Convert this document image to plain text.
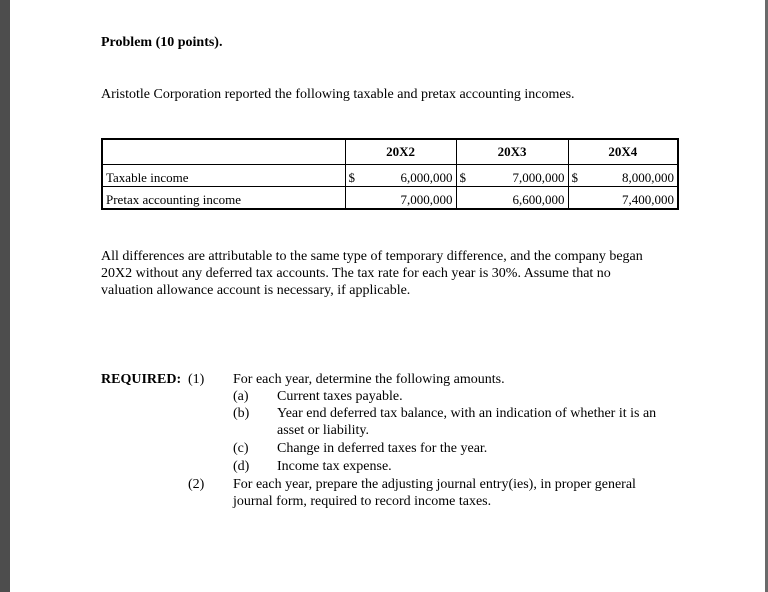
Problem (10 points).
Aristotle Corporation reported the following taxable and pretax accounting incomes.
	20X2		20X3		20X4	
Taxable income	$	6,000,000	$	7,000,000	$	8,000,000
Pretax accounting income		7,000,000		6,600,000		7,400,000
All differences are attributable to the same type of temporary difference, and the company began
20X2 without any deferred tax accounts. The tax rate for each year is 30%. Assume that no
valuation allowance account is necessary, if applicable.
REQUIRED: (1) For each year, determine the following amounts.
(a) Current taxes payable.
(b) Year end deferred tax balance, with an indication of whether it is an
asset or liability.
(c) Change in deferred taxes for the year.
(d) Income tax expense.
(2) For each year, prepare the adjusting journal entry(ies), in proper general
journal form, required to record income taxes.
